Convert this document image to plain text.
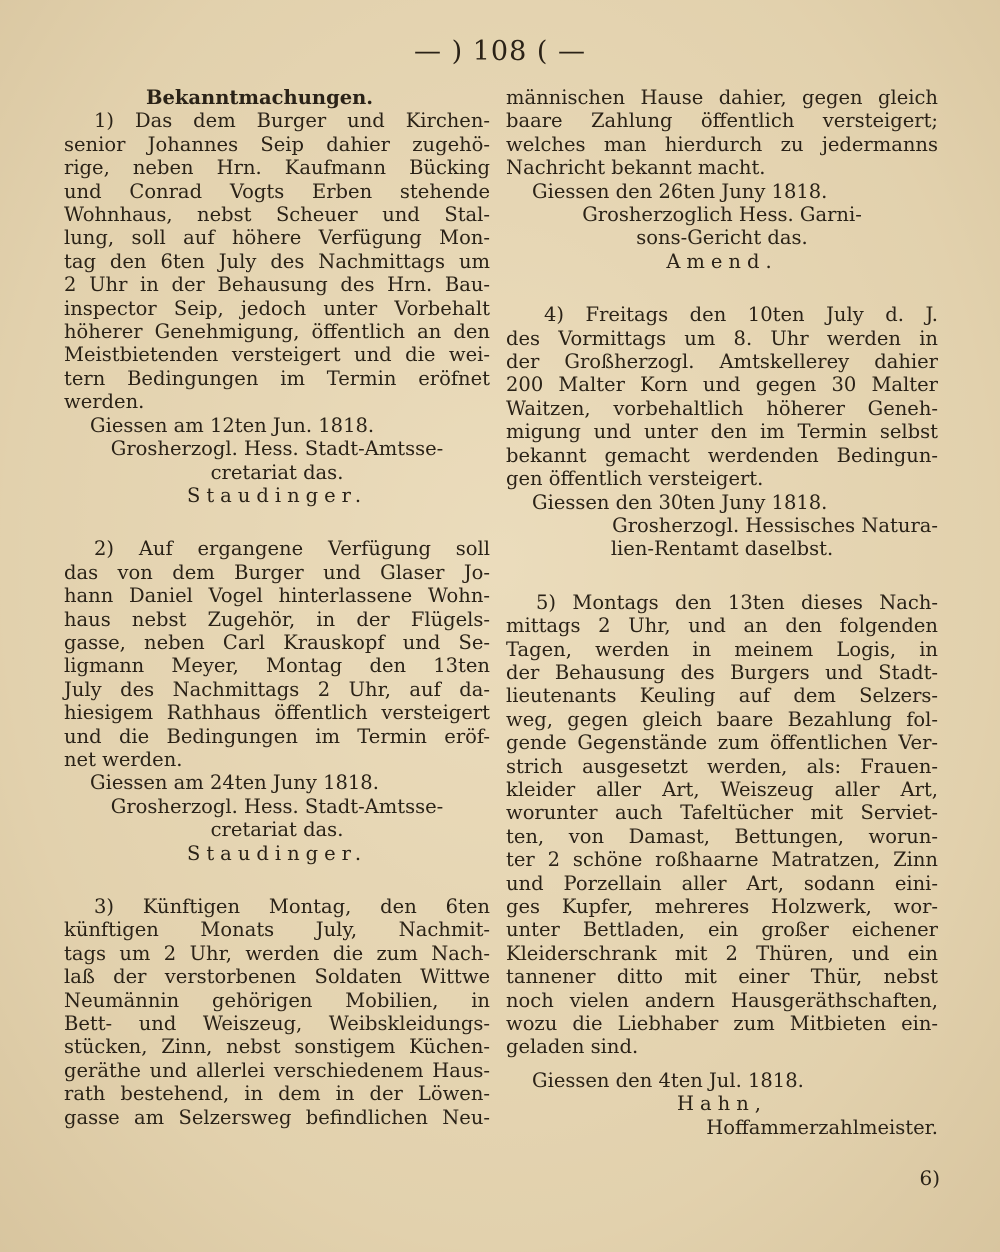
— ) 108 ( —
Bekanntmachungen.
1) Das dem Burger und Kirchen-
senior Johannes Seip dahier zugehö-
rige, neben Hrn. Kaufmann Bücking
und Conrad Vogts Erben stehende
Wohnhaus, nebst Scheuer und Stal-
lung, soll auf höhere Verfügung Mon-
tag den 6ten July des Nachmittags um
2 Uhr in der Behausung des Hrn. Bau-
inspector Seip, jedoch unter Vorbehalt
höherer Genehmigung, öffentlich an den
Meistbietenden versteigert und die wei-
tern Bedingungen im Termin eröfnet
werden.
Giessen am 12ten Jun. 1818.
Grosherzogl. Hess. Stadt-Amtsse-
cretariat das.
Staudinger.
2) Auf ergangene Verfügung soll
das von dem Burger und Glaser Jo-
hann Daniel Vogel hinterlassene Wohn-
haus nebst Zugehör, in der Flügels-
gasse, neben Carl Krauskopf und Se-
ligmann Meyer, Montag den 13ten
July des Nachmittags 2 Uhr, auf da-
hiesigem Rathhaus öffentlich versteigert
und die Bedingungen im Termin eröf-
net werden.
Giessen am 24ten Juny 1818.
Grosherzogl. Hess. Stadt-Amtsse-
cretariat das.
Staudinger.
3) Künftigen Montag, den 6ten
künftigen Monats July, Nachmit-
tags um 2 Uhr, werden die zum Nach-
laß der verstorbenen Soldaten Wittwe
Neumännin gehörigen Mobilien, in
Bett- und Weiszeug, Weibskleidungs-
stücken, Zinn, nebst sonstigem Küchen-
geräthe und allerlei verschiedenem Haus-
rath bestehend, in dem in der Löwen-
gasse am Selzersweg befindlichen Neu-
männischen Hause dahier, gegen gleich
baare Zahlung öffentlich versteigert;
welches man hierdurch zu jedermanns
Nachricht bekannt macht.
Giessen den 26ten Juny 1818.
Grosherzoglich Hess. Garni-
sons-Gericht das.
Amend.
4) Freitags den 10ten July d. J.
des Vormittags um 8. Uhr werden in
der Großherzogl. Amtskellerey dahier
200 Malter Korn und gegen 30 Malter
Waitzen, vorbehaltlich höherer Geneh-
migung und unter den im Termin selbst
bekannt gemacht werdenden Bedingun-
gen öffentlich versteigert.
Giessen den 30ten Juny 1818.
Grosherzogl. Hessisches Natura-
lien-Rentamt daselbst.
5) Montags den 13ten dieses Nach-
mittags 2 Uhr, und an den folgenden
Tagen, werden in meinem Logis, in
der Behausung des Burgers und Stadt-
lieutenants Keuling auf dem Selzers-
weg, gegen gleich baare Bezahlung fol-
gende Gegenstände zum öffentlichen Ver-
strich ausgesetzt werden, als: Frauen-
kleider aller Art, Weiszeug aller Art,
worunter auch Tafeltücher mit Serviet-
ten, von Damast, Bettungen, worun-
ter 2 schöne roßhaarne Matratzen, Zinn
und Porzellain aller Art, sodann eini-
ges Kupfer, mehreres Holzwerk, wor-
unter Bettladen, ein großer eichener
Kleiderschrank mit 2 Thüren, und ein
tannener ditto mit einer Thür, nebst
noch vielen andern Hausgeräthschaften,
wozu die Liebhaber zum Mitbieten ein-
geladen sind.
Giessen den 4ten Jul. 1818.
Hahn,
Hoffammerzahlmeister.
6)
